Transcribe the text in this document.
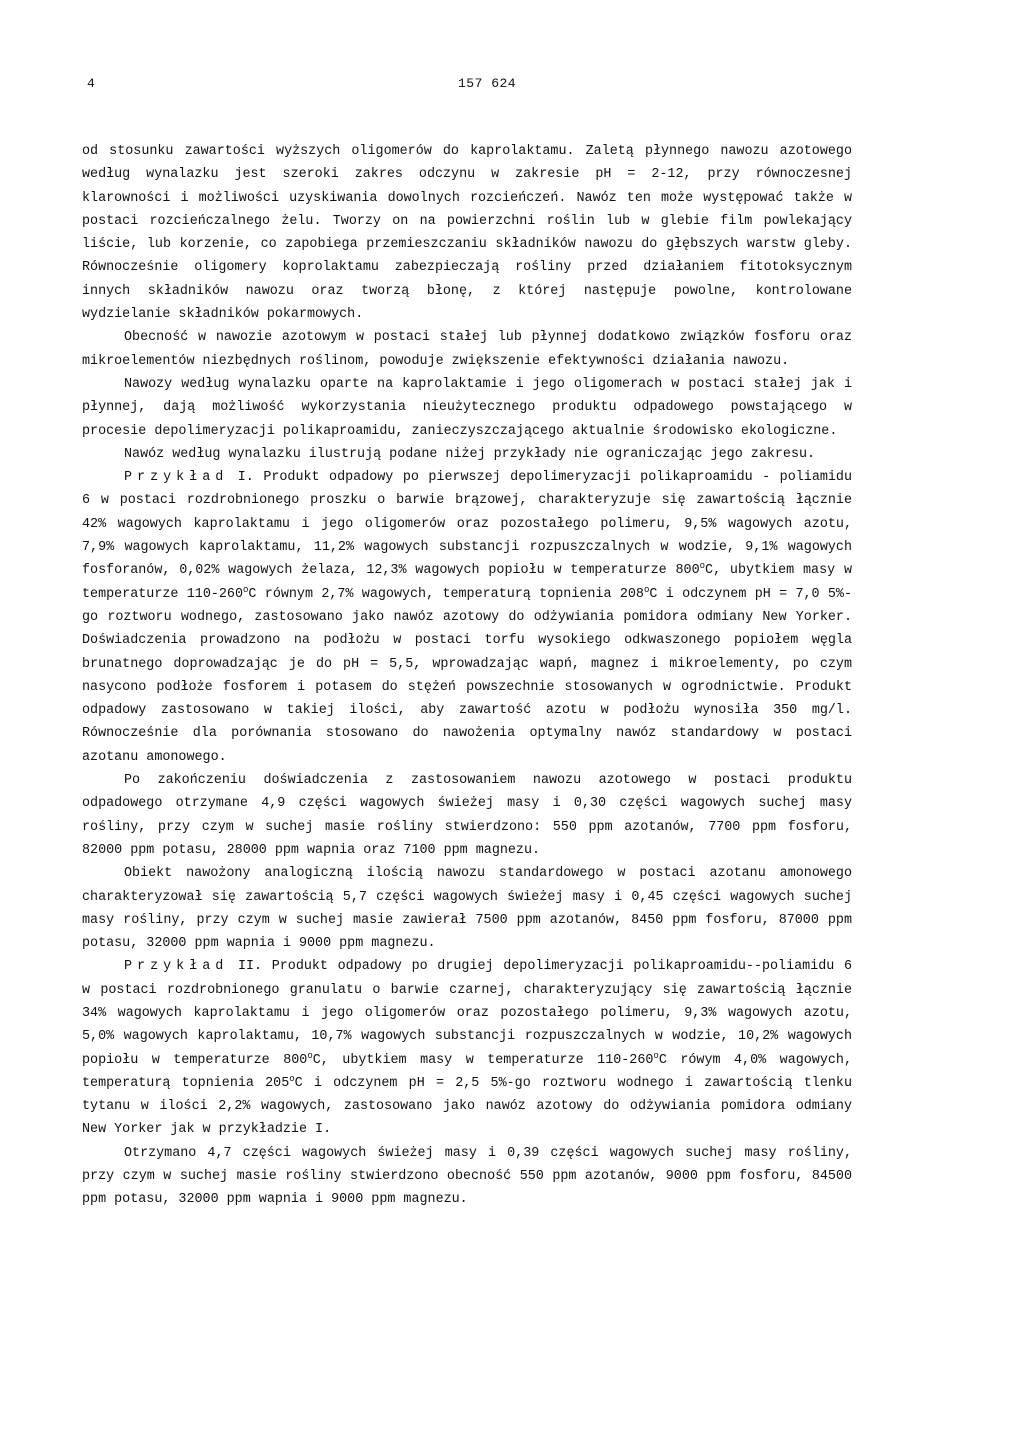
4	157 624

od stosunku zawartości wyższych oligomerów do kaprolaktamu. Zaletą płynnego nawozu azotowego według wynalazku jest szeroki zakres odczynu w zakresie pH = 2-12, przy równoczesnej klarowności i możliwości uzyskiwania dowolnych rozcieńczeń. Nawóz ten może występować także w postaci rozcieńczalnego żelu. Tworzy on na powierzchni roślin lub w glebie film powlekający liście, lub korzenie, co zapobiega przemieszczaniu składników nawozu do głębszych warstw gleby. Równocześnie oligomery koprolaktamu zabezpieczają rośliny przed działaniem fitotoksycznym innych składników nawozu oraz tworzą błonę, z której następuje powolne, kontrolowane wydzielanie składników pokarmowych.

Obecność w nawozie azotowym w postaci stałej lub płynnej dodatkowo związków fosforu oraz mikroelementów niezbędnych roślinom, powoduje zwiększenie efektywności działania nawozu.

Nawozy według wynalazku oparte na kaprolaktamie i jego oligomerach w postaci stałej jak i płynnej, dają możliwość wykorzystania nieużytecznego produktu odpadowego powstającego w procesie depolimeryzacji polikaproamidu, zanieczyszczającego aktualnie środowisko ekologiczne.

Nawóz według wynalazku ilustrują podane niżej przykłady nie ograniczając jego zakresu.

Przykład I. Produkt odpadowy po pierwszej depolimeryzacji polikaproamidu - poliamidu 6 w postaci rozdrobnionego proszku o barwie brązowej, charakteryzuje się zawartością łącznie 42% wagowych kaprolaktamu i jego oligomerów oraz pozostałego polimeru, 9,5% wagowych azotu, 7,9% wagowych kaprolaktamu, 11,2% wagowych substancji rozpuszczalnych w wodzie, 9,1% wagowych fosforanów, 0,02% wagowych żelaza, 12,3% wagowych popiołu w temperaturze 800$^o$C, ubytkiem masy w temperaturze 110-260$^o$C równym 2,7% wagowych, temperaturą topnienia 208$^o$C i odczynem pH = 7,0 5%-go roztworu wodnego, zastosowano jako nawóz azotowy do odżywiania pomidora odmiany New Yorker. Doświadczenia prowadzono na podłożu w postaci torfu wysokiego odkwaszonego popiołem węgla brunatnego doprowadzając je do pH = 5,5, wprowadzając wapń, magnez i mikroelementy, po czym nasycono podłoże fosforem i potasem do stężeń powszechnie stosowanych w ogrodnictwie. Produkt odpadowy zastosowano w takiej ilości, aby zawartość azotu w podłożu wynosiła 350 mg/l. Równocześnie dla porównania stosowano do nawożenia optymalny nawóz standardowy w postaci azotanu amonowego.

Po zakończeniu doświadczenia z zastosowaniem nawozu azotowego w postaci produktu odpadowego otrzymane 4,9 części wagowych świeżej masy i 0,30 części wagowych suchej masy rośliny, przy czym w suchej masie rośliny stwierdzono: 550 ppm azotanów, 7700 ppm fosforu, 82000 ppm potasu, 28000 ppm wapnia oraz 7100 ppm magnezu.

Obiekt nawożony analogiczną ilością nawozu standardowego w postaci azotanu amonowego charakteryzował się zawartością 5,7 części wagowych świeżej masy i 0,45 części wagowych suchej masy rośliny, przy czym w suchej masie zawierał 7500 ppm azotanów, 8450 ppm fosforu, 87000 ppm potasu, 32000 ppm wapnia i 9000 ppm magnezu.

Przykład II. Produkt odpadowy po drugiej depolimeryzacji polikaproamidu--poliamidu 6 w postaci rozdrobnionego granulatu o barwie czarnej, charakteryzujący się zawartością łącznie 34% wagowych kaprolaktamu i jego oligomerów oraz pozostałego polimeru, 9,3% wagowych azotu, 5,0% wagowych kaprolaktamu, 10,7% wagowych substancji rozpuszczalnych w wodzie, 10,2% wagowych popiołu w temperaturze 800$^o$C, ubytkiem masy w temperaturze 110-260$^o$C rówym 4,0% wagowych, temperaturą topnienia 205$^o$C i odczynem pH = 2,5 5%-go roztworu wodnego i zawartością tlenku tytanu w ilości 2,2% wagowych, zastosowano jako nawóz azotowy do odżywiania pomidora odmiany New Yorker jak w przykładzie I.

Otrzymano 4,7 części wagowych świeżej masy i 0,39 części wagowych suchej masy rośliny, przy czym w suchej masie rośliny stwierdzono obecność 550 ppm azotanów, 9000 ppm fosforu, 84500 ppm potasu, 32000 ppm wapnia i 9000 ppm magnezu.
